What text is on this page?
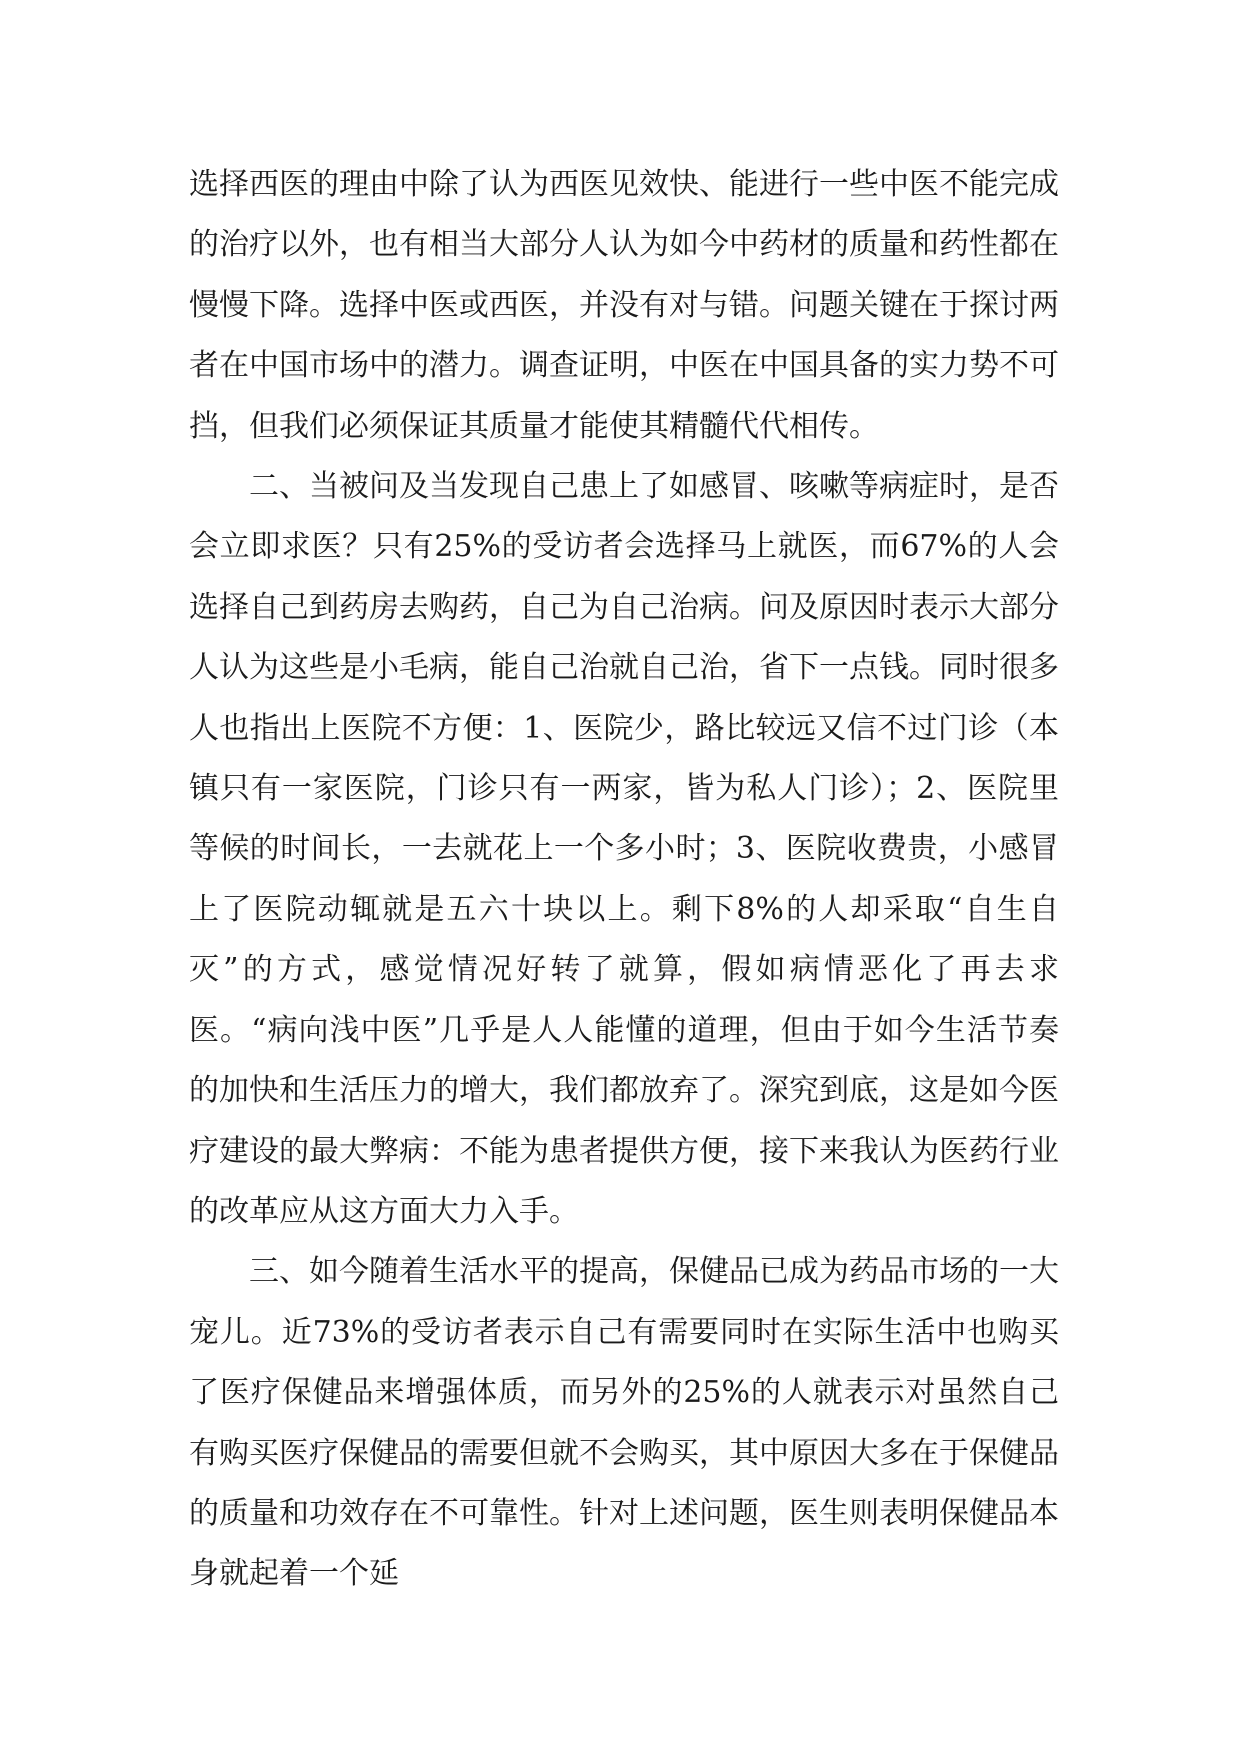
选择西医的理由中除了认为西医见效快、能进行一些中医不能完成的治疗以外，也有相当大部分人认为如今中药材的质量和药性都在慢慢下降。选择中医或西医，并没有对与错。问题关键在于探讨两者在中国市场中的潜力。调查证明，中医在中国具备的实力势不可挡，但我们必须保证其质量才能使其精髓代代相传。

二、当被问及当发现自己患上了如感冒、咳嗽等病症时，是否会立即求医？只有25%的受访者会选择马上就医，而67%的人会选择自己到药房去购药，自己为自己治病。问及原因时表示大部分人认为这些是小毛病，能自己治就自己治，省下一点钱。同时很多人也指出上医院不方便：1、医院少，路比较远又信不过门诊（本镇只有一家医院，门诊只有一两家，皆为私人门诊）；2、医院里等候的时间长，一去就花上一个多小时；3、医院收费贵，小感冒上了医院动辄就是五六十块以上。剩下8%的人却采取“自生自灭”的方式，感觉情况好转了就算，假如病情恶化了再去求医。“病向浅中医”几乎是人人能懂的道理，但由于如今生活节奏的加快和生活压力的增大，我们都放弃了。深究到底，这是如今医疗建设的最大弊病：不能为患者提供方便，接下来我认为医药行业的改革应从这方面大力入手。

三、如今随着生活水平的提高，保健品已成为药品市场的一大宠儿。近73%的受访者表示自己有需要同时在实际生活中也购买了医疗保健品来增强体质，而另外的25%的人就表示对虽然自己有购买医疗保健品的需要但就不会购买，其中原因大多在于保健品的质量和功效存在不可靠性。针对上述问题，医生则表明保健品本身就起着一个延
